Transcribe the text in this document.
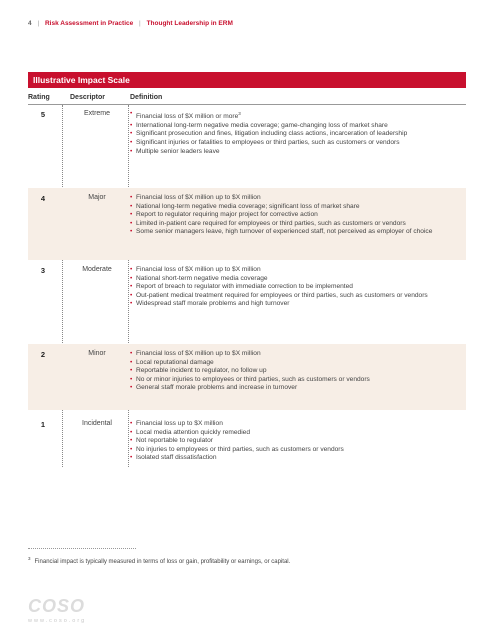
4 | Risk Assessment in Practice | Thought Leadership in ERM
Illustrative Impact Scale
Rating	Descriptor	Definition
5	Extreme	• Financial loss of $X million or more$^3$
• International long-term negative media coverage; game-changing loss of market share
• Significant prosecution and fines, litigation including class actions, incarceration of leadership
• Significant injuries or fatalities to employees or third parties, such as customers or vendors
• Multiple senior leaders leave
4	Major	• Financial loss of $X million up to $X million
• National long-term negative media coverage; significant loss of market share
• Report to regulator requiring major project for corrective action
• Limited in-patient care required for employees or third parties, such as customers or vendors
• Some senior managers leave, high turnover of experienced staff, not perceived as employer of choice
3	Moderate	• Financial loss of $X million up to $X million
• National short-term negative media coverage
• Report of breach to regulator with immediate correction to be implemented
• Out-patient medical treatment required for employees or third parties, such as customers or vendors
• Widespread staff morale problems and high turnover
2	Minor	• Financial loss of $X million up to $X million
• Local reputational damage
• Reportable incident to regulator, no follow up
• No or minor injuries to employees or third parties, such as customers or vendors
• General staff morale problems and increase in turnover
1	Incidental	• Financial loss up to $X million
• Local media attention quickly remedied
• Not reportable to regulator
• No injuries to employees or third parties, such as customers or vendors
• Isolated staff dissatisfaction
$^3$Financial impact is typically measured in terms of loss or gain, profitability or earnings, or capital.
COSO
www.coso.org
